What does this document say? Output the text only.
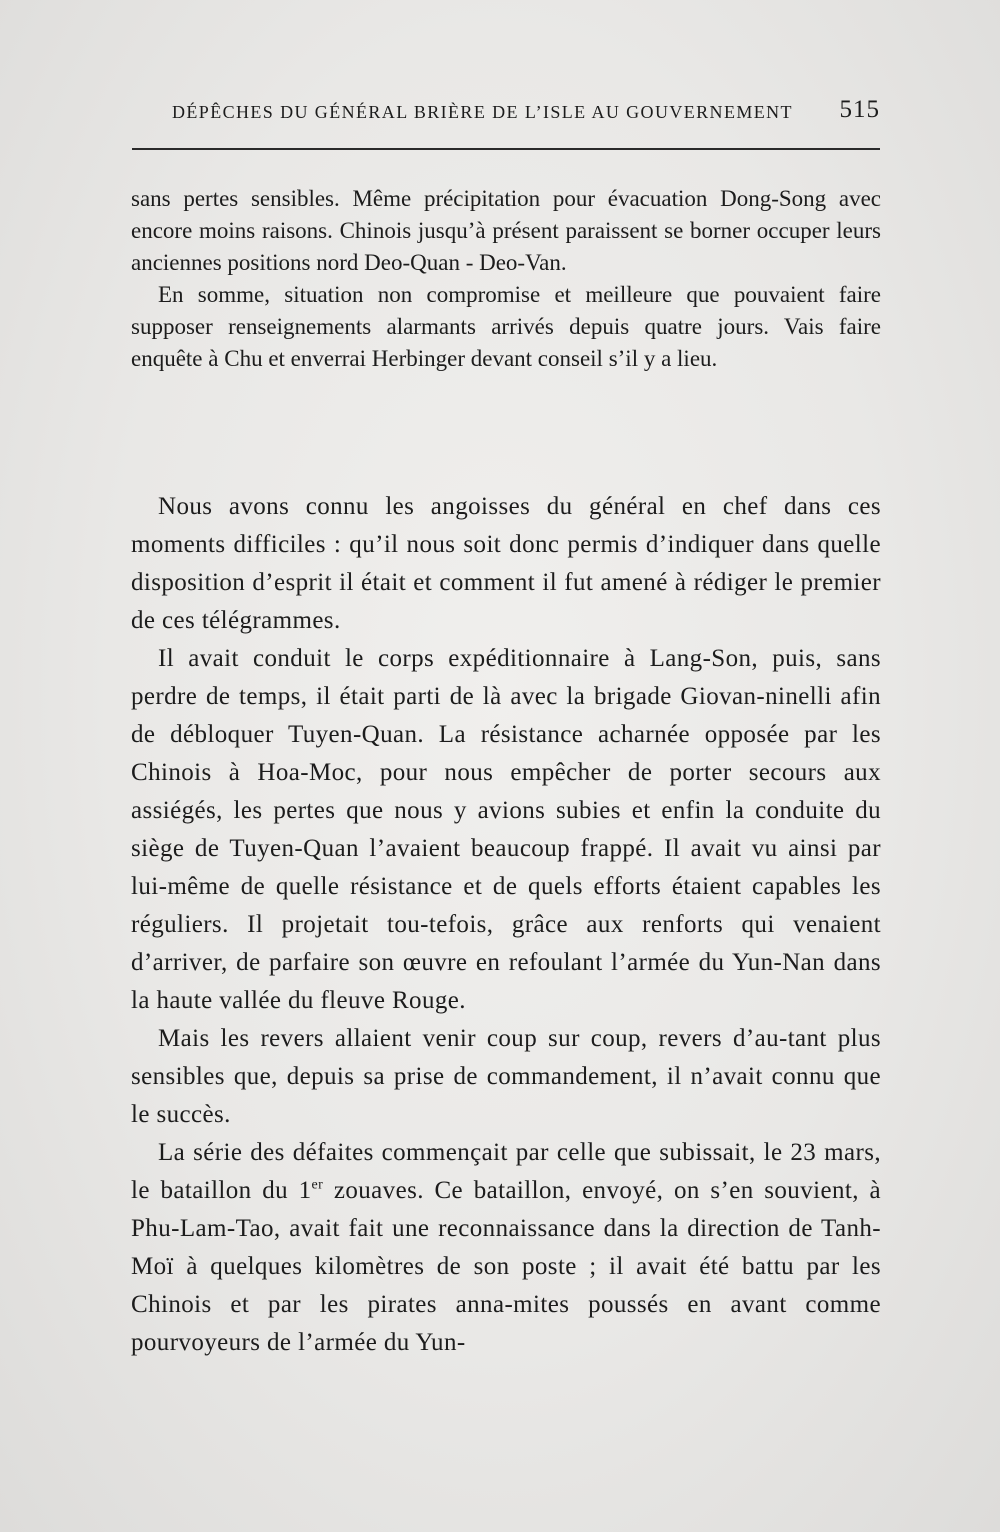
DÉPÊCHES DU GÉNÉRAL BRIÈRE DE L’ISLE AU GOUVERNEMENT 515

sans pertes sensibles. Même précipitation pour évacuation Dong-Song avec encore moins raisons. Chinois jusqu’à présent paraissent se borner occuper leurs anciennes positions nord Deo-Quan - Deo-Van.

En somme, situation non compromise et meilleure que pouvaient faire supposer renseignements alarmants arrivés depuis quatre jours. Vais faire enquête à Chu et enverrai Herbinger devant conseil s’il y a lieu.

Nous avons connu les angoisses du général en chef dans ces moments difficiles : qu’il nous soit donc permis d’indiquer dans quelle disposition d’esprit il était et comment il fut amené à rédiger le premier de ces télégrammes.

Il avait conduit le corps expéditionnaire à Lang-Son, puis, sans perdre de temps, il était parti de là avec la brigade Giovan-ninelli afin de débloquer Tuyen-Quan. La résistance acharnée opposée par les Chinois à Hoa-Moc, pour nous empêcher de porter secours aux assiégés, les pertes que nous y avions subies et enfin la conduite du siège de Tuyen-Quan l’avaient beaucoup frappé. Il avait vu ainsi par lui-même de quelle résistance et de quels efforts étaient capables les réguliers. Il projetait tou-tefois, grâce aux renforts qui venaient d’arriver, de parfaire son œuvre en refoulant l’armée du Yun-Nan dans la haute vallée du fleuve Rouge.

Mais les revers allaient venir coup sur coup, revers d’au-tant plus sensibles que, depuis sa prise de commandement, il n’avait connu que le succès.

La série des défaites commençait par celle que subissait, le 23 mars, le bataillon du 1er zouaves. Ce bataillon, envoyé, on s’en souvient, à Phu-Lam-Tao, avait fait une reconnaissance dans la direction de Tanh-Moï à quelques kilomètres de son poste ; il avait été battu par les Chinois et par les pirates anna-mites poussés en avant comme pourvoyeurs de l’armée du Yun-
